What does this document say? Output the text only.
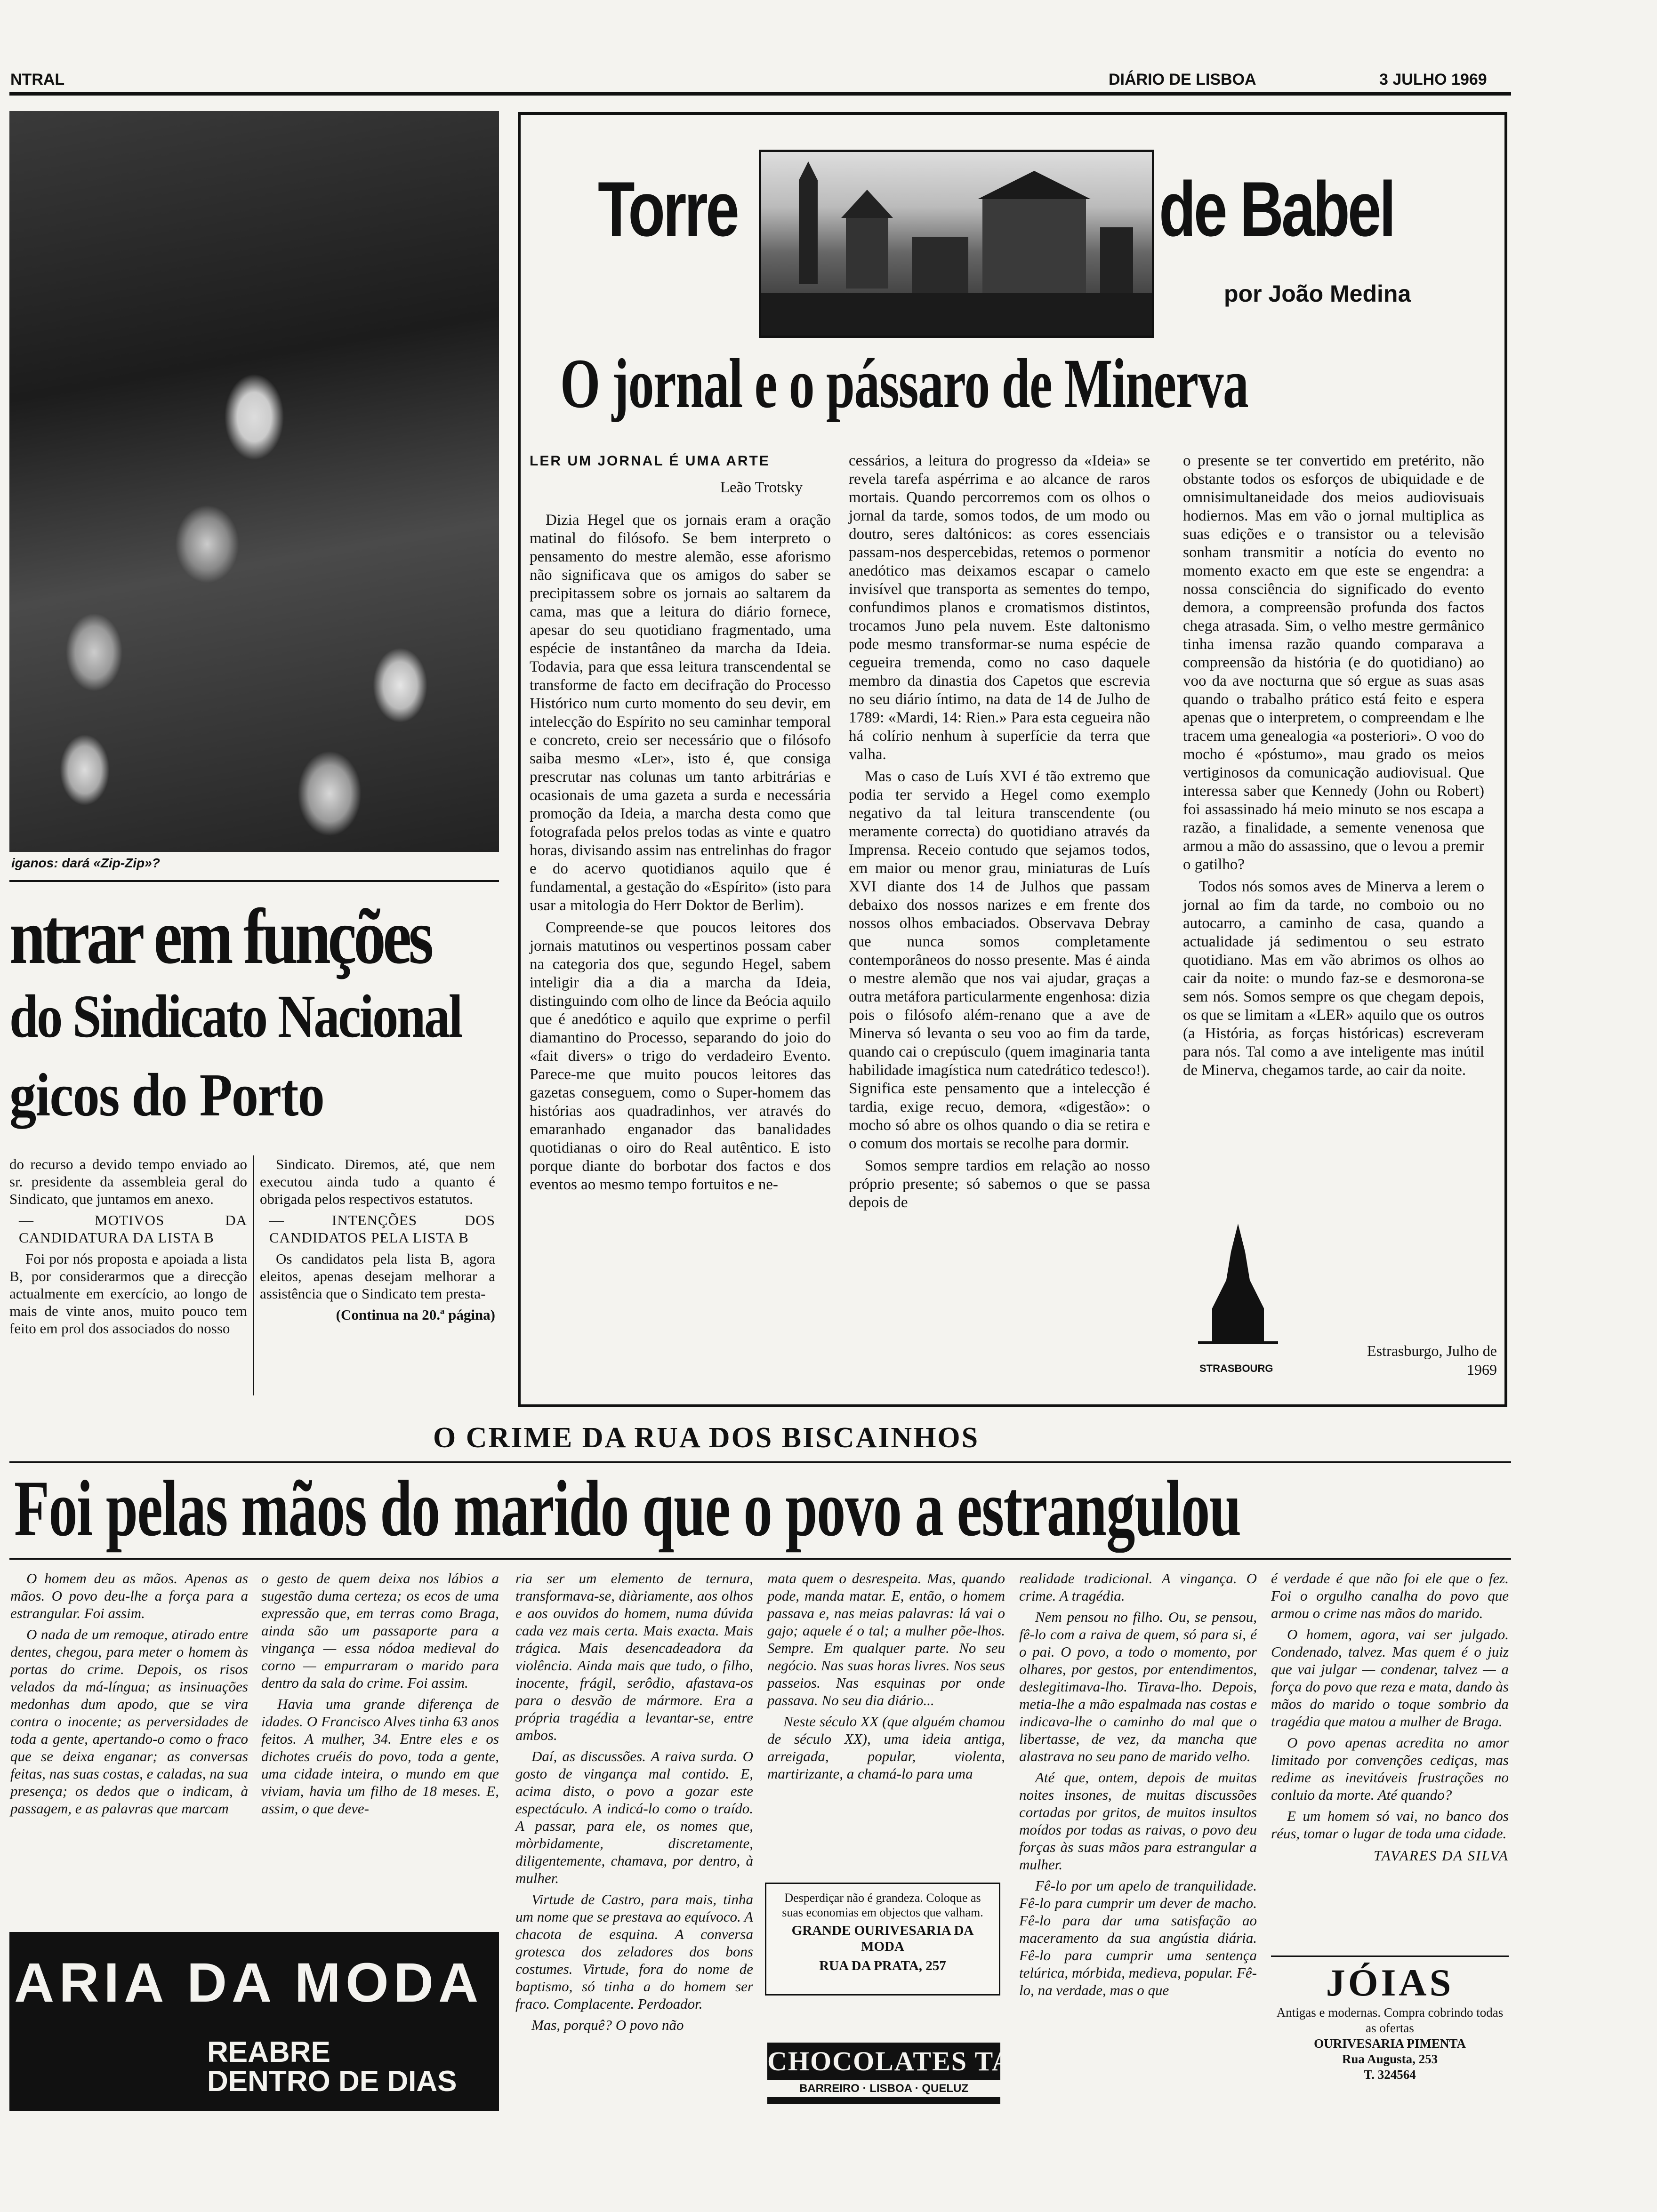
NTRAL	DIÁRIO DE LISBOA	3 JULHO 1969
iganos: dará «Zip-Zip»?
ntrar em funções
do Sindicato Nacional
gicos do Porto

do recurso a devido tempo enviado ao sr. presidente da assembleia geral do Sindicato, que juntamos em anexo.

— MOTIVOS DA CANDIDATURA DA LISTA B

Foi por nós proposta e apoiada a lista B, por considerarmos que a direcção actualmente em exercício, ao longo de mais de vinte anos, muito pouco tem feito em prol dos associados do nosso

Sindicato. Diremos, até, que nem executou ainda tudo a quanto é obrigada pelos respectivos estatutos.

— INTENÇÕES DOS CANDIDATOS PELA LISTA B

Os candidatos pela lista B, agora eleitos, apenas desejam melhorar a assistência que o Sindicato tem presta-

(Continua na 20.ª página)

Torre	de Babel
por João Medina
O jornal e o pássaro de Minerva
LER UM JORNAL É UMA ARTE
Leão Trotsky

Dizia Hegel que os jornais eram a oração matinal do filósofo. Se bem interpreto o pensamento do mestre alemão, esse aforismo não significava que os amigos do saber se precipitassem sobre os jornais ao saltarem da cama, mas que a leitura do diário fornece, apesar do seu quotidiano fragmentado, uma espécie de instantâneo da marcha da Ideia. Todavia, para que essa leitura transcendental se transforme de facto em decifração do Processo Histórico num curto momento do seu devir, em intelecção do Espírito no seu caminhar temporal e concreto, creio ser necessário que o filósofo saiba mesmo «Ler», isto é, que consiga prescrutar nas colunas um tanto arbitrárias e ocasionais de uma gazeta a surda e necessária promoção da Ideia, a marcha desta como que fotografada pelos prelos todas as vinte e quatro horas, divisando assim nas entrelinhas do fragor e do acervo quotidianos aquilo que é fundamental, a gestação do «Espírito» (isto para usar a mitologia do Herr Doktor de Berlim).

Compreende-se que poucos leitores dos jornais matutinos ou vespertinos possam caber na categoria dos que, segundo Hegel, sabem inteligir dia a dia a marcha da Ideia, distinguindo com olho de lince da Beócia aquilo que é anedótico e aquilo que exprime o perfil diamantino do Processo, separando do joio do «fait divers» o trigo do verdadeiro Evento. Parece-me que muito poucos leitores das gazetas conseguem, como o Super-homem das histórias aos quadradinhos, ver através do emaranhado enganador das banalidades quotidianas o oiro do Real autêntico. E isto porque diante do borbotar dos factos e dos eventos ao mesmo tempo fortuitos e ne-

cessários, a leitura do progresso da «Ideia» se revela tarefa aspérrima e ao alcance de raros mortais. Quando percorremos com os olhos o jornal da tarde, somos todos, de um modo ou doutro, seres daltónicos: as cores essenciais passam-nos despercebidas, retemos o pormenor anedótico mas deixamos escapar o camelo invisível que transporta as sementes do tempo, confundimos planos e cromatismos distintos, trocamos Juno pela nuvem. Este daltonismo pode mesmo transformar-se numa espécie de cegueira tremenda, como no caso daquele membro da dinastia dos Capetos que escrevia no seu diário íntimo, na data de 14 de Julho de 1789: «Mardi, 14: Rien.» Para esta cegueira não há colírio nenhum à superfície da terra que valha.

Mas o caso de Luís XVI é tão extremo que podia ter servido a Hegel como exemplo negativo da tal leitura transcendente (ou meramente correcta) do quotidiano através da Imprensa. Receio contudo que sejamos todos, em maior ou menor grau, miniaturas de Luís XVI diante dos 14 de Julhos que passam debaixo dos nossos narizes e em frente dos nossos olhos embaciados. Observava Debray que nunca somos completamente contemporâneos do nosso presente. Mas é ainda o mestre alemão que nos vai ajudar, graças a outra metáfora particularmente engenhosa: dizia pois o filósofo além-renano que a ave de Minerva só levanta o seu voo ao fim da tarde, quando cai o crepúsculo (quem imaginaria tanta habilidade imagística num catedrático tedesco!). Significa este pensamento que a intelecção é tardia, exige recuo, demora, «digestão»: o mocho só abre os olhos quando o dia se retira e o comum dos mortais se recolhe para dormir.

Somos sempre tardios em relação ao nosso próprio presente; só sabemos o que se passa depois de

o presente se ter convertido em pretérito, não obstante todos os esforços de ubiquidade e de omnisimultaneidade dos meios audiovisuais hodiernos. Mas em vão o jornal multiplica as suas edições e o transistor ou a televisão sonham transmitir a notícia do evento no momento exacto em que este se engendra: a nossa consciência do significado do evento demora, a compreensão profunda dos factos chega atrasada. Sim, o velho mestre germânico tinha imensa razão quando comparava a compreensão da história (e do quotidiano) ao voo da ave nocturna que só ergue as suas asas quando o trabalho prático está feito e espera apenas que o interpretem, o compreendam e lhe tracem uma genealogia «a posteriori». O voo do mocho é «póstumo», mau grado os meios vertiginosos da comunicação audiovisual. Que interessa saber que Kennedy (John ou Robert) foi assassinado há meio minuto se nos escapa a razão, a finalidade, a semente venenosa que armou a mão do assassino, que o levou a premir o gatilho?

Todos nós somos aves de Minerva a lerem o jornal ao fim da tarde, no comboio ou no autocarro, a caminho de casa, quando a actualidade já sedimentou o seu estrato quotidiano. Mas em vão abrimos os olhos ao cair da noite: o mundo faz-se e desmorona-se sem nós. Somos sempre os que chegam depois, os que se limitam a «LER» aquilo que os outros (a História, as forças históricas) escreveram para nós. Tal como a ave inteligente mas inútil de Minerva, chegamos tarde, ao cair da noite.

STRASBOURG
Estrasburgo, Julho de 1969
O CRIME DA RUA DOS BISCAINHOS
Foi pelas mãos do marido que o povo a estrangulou

O homem deu as mãos. Apenas as mãos. O povo deu-lhe a força para a estrangular. Foi assim.

O nada de um remoque, atirado entre dentes, chegou, para meter o homem às portas do crime. Depois, os risos velados da má-língua; as insinuações medonhas dum apodo, que se vira contra o inocente; as perversidades de toda a gente, apertando-o como o fraco que se deixa enganar; as conversas feitas, nas suas costas, e caladas, na sua presença; os dedos que o indicam, à passagem, e as palavras que marcam

o gesto de quem deixa nos lábios a sugestão duma certeza; os ecos de uma expressão que, em terras como Braga, ainda são um passaporte para a vingança — essa nódoa medieval do corno — empurraram o marido para dentro da sala do crime. Foi assim.

Havia uma grande diferença de idades. O Francisco Alves tinha 63 anos feitos. A mulher, 34. Entre eles e os dichotes cruéis do povo, toda a gente, uma cidade inteira, o mundo em que viviam, havia um filho de 18 meses. E, assim, o que deve-

ria ser um elemento de ternura, transformava-se, diàriamente, aos olhos e aos ouvidos do homem, numa dúvida cada vez mais certa. Mais exacta. Mais trágica. Mais desencadeadora da violência. Ainda mais que tudo, o filho, inocente, frágil, serôdio, afastava-os para o desvão de mármore. Era a própria tragédia a levantar-se, entre ambos.

Daí, as discussões. A raiva surda. O gosto de vingança mal contido. E, acima disto, o povo a gozar este espectáculo. A indicá-lo como o traído. A passar, para ele, os nomes que, mòrbidamente, discretamente, diligentemente, chamava, por dentro, à mulher.

Virtude de Castro, para mais, tinha um nome que se prestava ao equívoco. A chacota de esquina. A conversa grotesca dos zeladores dos bons costumes. Virtude, fora do nome de baptismo, só tinha a do homem ser fraco. Complacente. Perdoador.

Mas, porquê? O povo não

mata quem o desrespeita. Mas, quando pode, manda matar. E, então, o homem passava e, nas meias palavras: lá vai o gajo; aquele é o tal; a mulher põe-lhos. Sempre. Em qualquer parte. No seu negócio. Nas suas horas livres. Nos seus passeios. Nas esquinas por onde passava. No seu dia diário...

Neste século XX (que alguém chamou de século XX), uma ideia antiga, arreigada, popular, violenta, martirizante, a chamá-lo para uma

realidade tradicional. A vingança. O crime. A tragédia.

Nem pensou no filho. Ou, se pensou, fê-lo com a raiva de quem, só para si, é o pai. O povo, a todo o momento, por olhares, por gestos, por entendimentos, deslegitimava-lho. Tirava-lho. Depois, metia-lhe a mão espalmada nas costas e indicava-lhe o caminho do mal que o libertasse, de vez, da mancha que alastrava no seu pano de marido velho.

Até que, ontem, depois de muitas noites insones, de muitas discussões cortadas por gritos, de muitos insultos moídos por todas as raivas, o povo deu forças às suas mãos para estrangular a mulher.

Fê-lo por um apelo de tranquilidade. Fê-lo para cumprir um dever de macho. Fê-lo para dar uma satisfação ao maceramento da sua angústia diária. Fê-lo para cumprir uma sentença telúrica, mórbida, medieva, popular. Fê-lo, na verdade, mas o que

é verdade é que não foi ele que o fez. Foi o orgulho canalha do povo que armou o crime nas mãos do marido.

O homem, agora, vai ser julgado. Condenado, talvez. Mas quem é o juiz que vai julgar — condenar, talvez — a força do povo que reza e mata, dando às mãos do marido o toque sombrio da tragédia que matou a mulher de Braga.

O povo apenas acredita no amor limitado por convenções cediças, mas redime as inevitáveis frustrações no conluio da morte. Até quando?

E um homem só vai, no banco dos réus, tomar o lugar de toda uma cidade.

TAVARES DA SILVA
ARIA DA MODA
REABRE
DENTRO DE DIAS
Desperdiçar não é grandeza. Coloque as suas economias em objectos que valham.
GRANDE OURIVESARIA DA MODA
RUA DA PRATA, 257
CHOCOLATES TAGIDES
BARREIRO · LISBOA · QUELUZ
JÓIAS
Antigas e modernas. Compra cobrindo todas as ofertas
OURIVESARIA PIMENTA
Rua Augusta, 253
T. 324564
